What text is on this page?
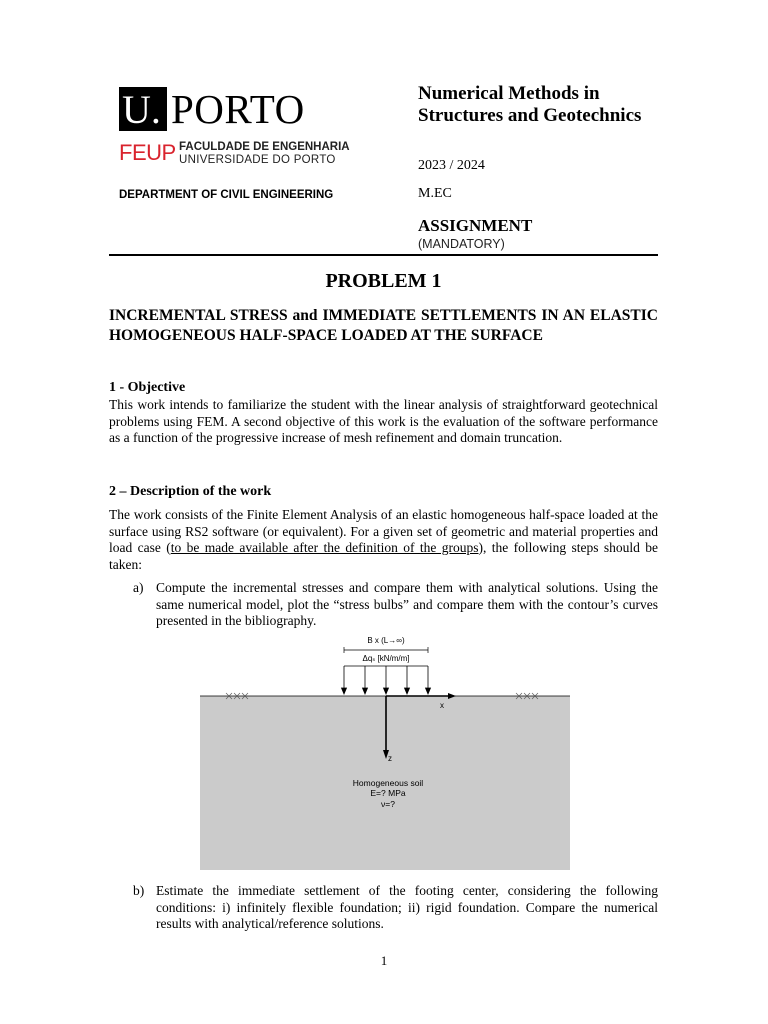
U. PORTO
FEUP FACULDADE DE ENGENHARIA
UNIVERSIDADE DO PORTO
DEPARTMENT OF CIVIL ENGINEERING
Numerical Methods in Structures and Geotechnics
2023 / 2024
M.EC
ASSIGNMENT
(MANDATORY)
PROBLEM 1
INCREMENTAL STRESS and IMMEDIATE SETTLEMENTS IN AN ELASTIC HOMOGENEOUS HALF-SPACE LOADED AT THE SURFACE
1 - Objective
This work intends to familiarize the student with the linear analysis of straightforward geotechnical problems using FEM. A second objective of this work is the evaluation of the software performance as a function of the progressive increase of mesh refinement and domain truncation.
2 – Description of the work
The work consists of the Finite Element Analysis of an elastic homogeneous half-space loaded at the surface using RS2 software (or equivalent). For a given set of geometric and material properties and load case (to be made available after the definition of the groups), the following steps should be taken:
a) Compute the incremental stresses and compare them with analytical solutions. Using the same numerical model, plot the “stress bulbs” and compare them with the contour’s curves presented in the bibliography.
B x (L→∞)
Δqₛ [kN/m/m]
x
z
Homogeneous soil
E=? MPa
ν=?
b) Estimate the immediate settlement of the footing center, considering the following conditions: i) infinitely flexible foundation; ii) rigid foundation. Compare the numerical results with analytical/reference solutions.
1
